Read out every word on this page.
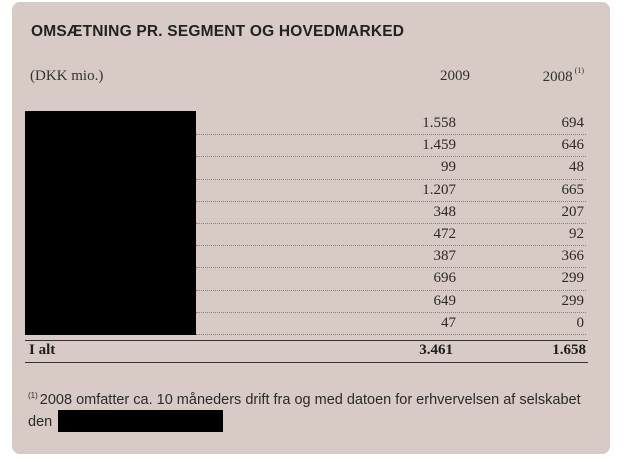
OMSÆTNING PR. SEGMENT OG HOVEDMARKED
(DKK mio.)	2009	2008 $^{(1)}$
1.558	694
1.459	646
99	48
1.207	665
348	207
472	92
387	366
696	299
649	299
47	0
I alt	3.461	1.658
$^{(1)}$ 2008 omfatter ca. 10 måneders drift fra og med datoen for erhvervelsen af selskabet den
